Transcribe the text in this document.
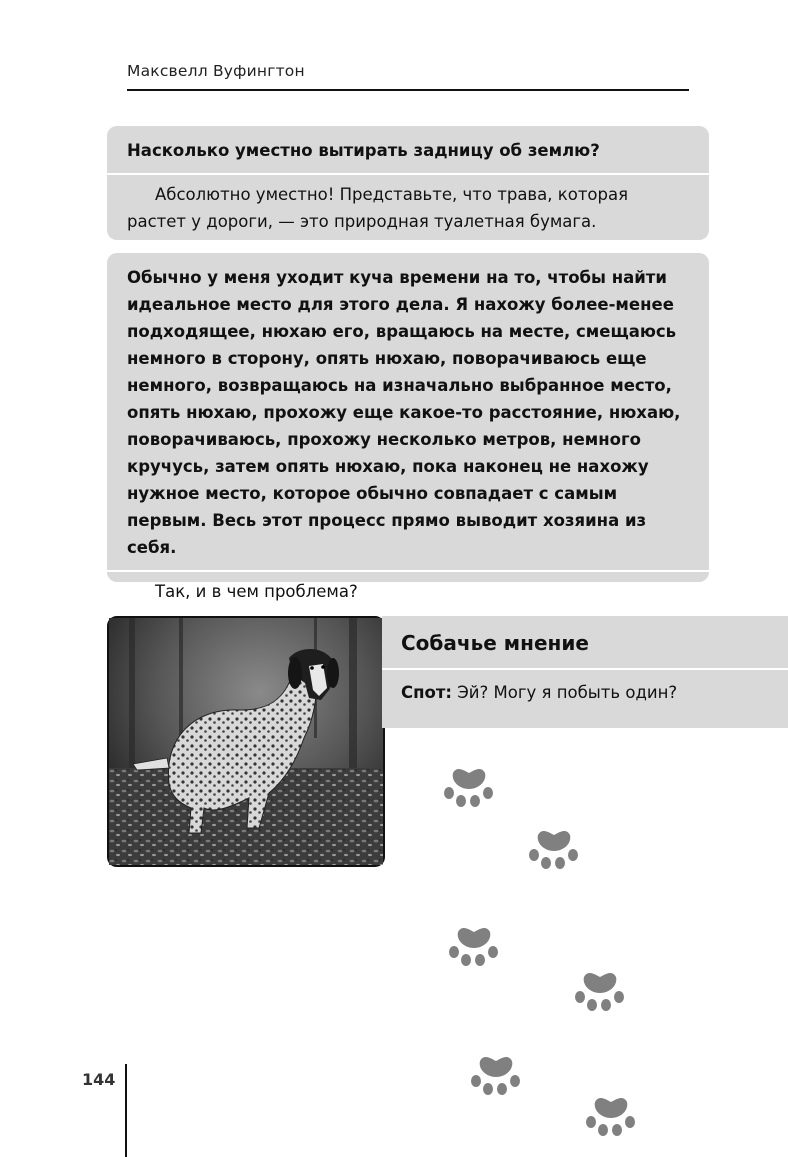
Максвелл Вуфингтон
Насколько уместно вытирать задницу об землю?
Абсолютно уместно! Представьте, что трава, которая растет у дороги, — это природная туалетная бумага.
Обычно у меня уходит куча времени на то, чтобы найти идеальное место для этого дела. Я нахожу более-менее подходящее, нюхаю его, вращаюсь на месте, смещаюсь немного в сторону, опять нюхаю, поворачиваюсь еще немного, возвращаюсь на изначально выбранное место, опять нюхаю, прохожу еще какое-то расстояние, нюхаю, поворачиваюсь, прохожу несколько метров, немного кручусь, затем опять нюхаю, пока наконец не нахожу нужное место, которое обычно совпадает с самым первым. Весь этот процесс прямо выводит хозяина из себя.
Так, и в чем проблема?
Собачье мнение
Спот: Эй? Могу я побыть один?
144
